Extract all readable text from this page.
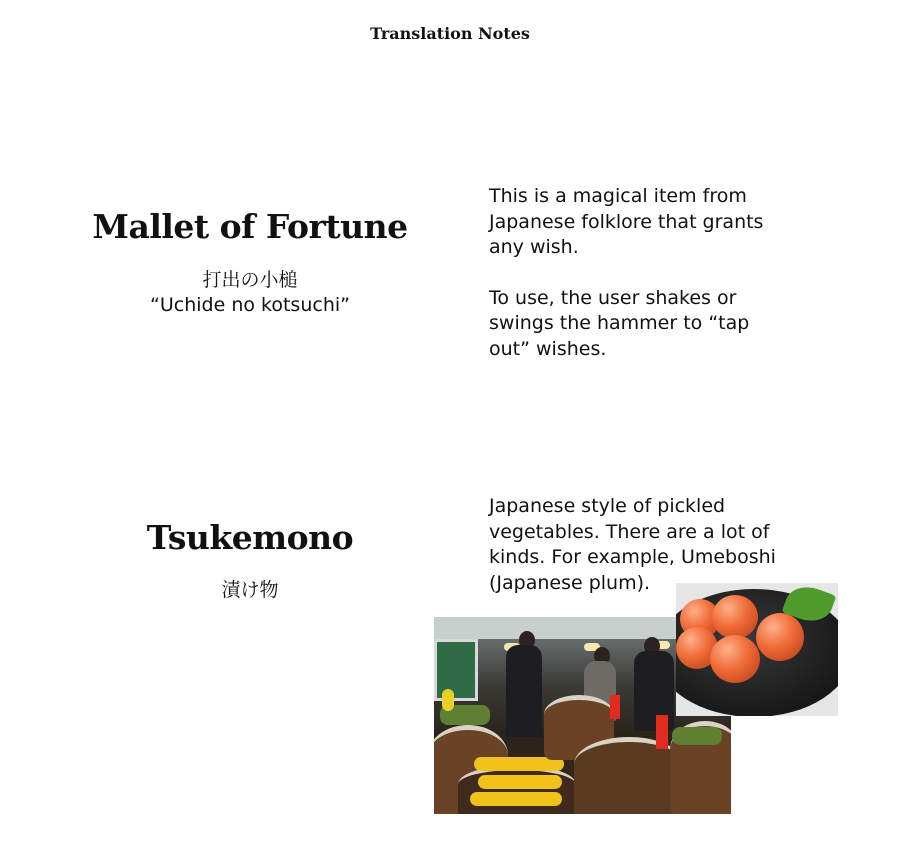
Translation Notes
Mallet of Fortune
打出の小槌
“Uchide no kotsuchi”

This is a magical item from Japanese folklore that grants any wish.

To use, the user shakes or swings the hammer to “tap out” wishes.

Tsukemono
漬け物

Japanese style of pickled vegetables. There are a lot of kinds. For example, Umeboshi (Japanese plum).
